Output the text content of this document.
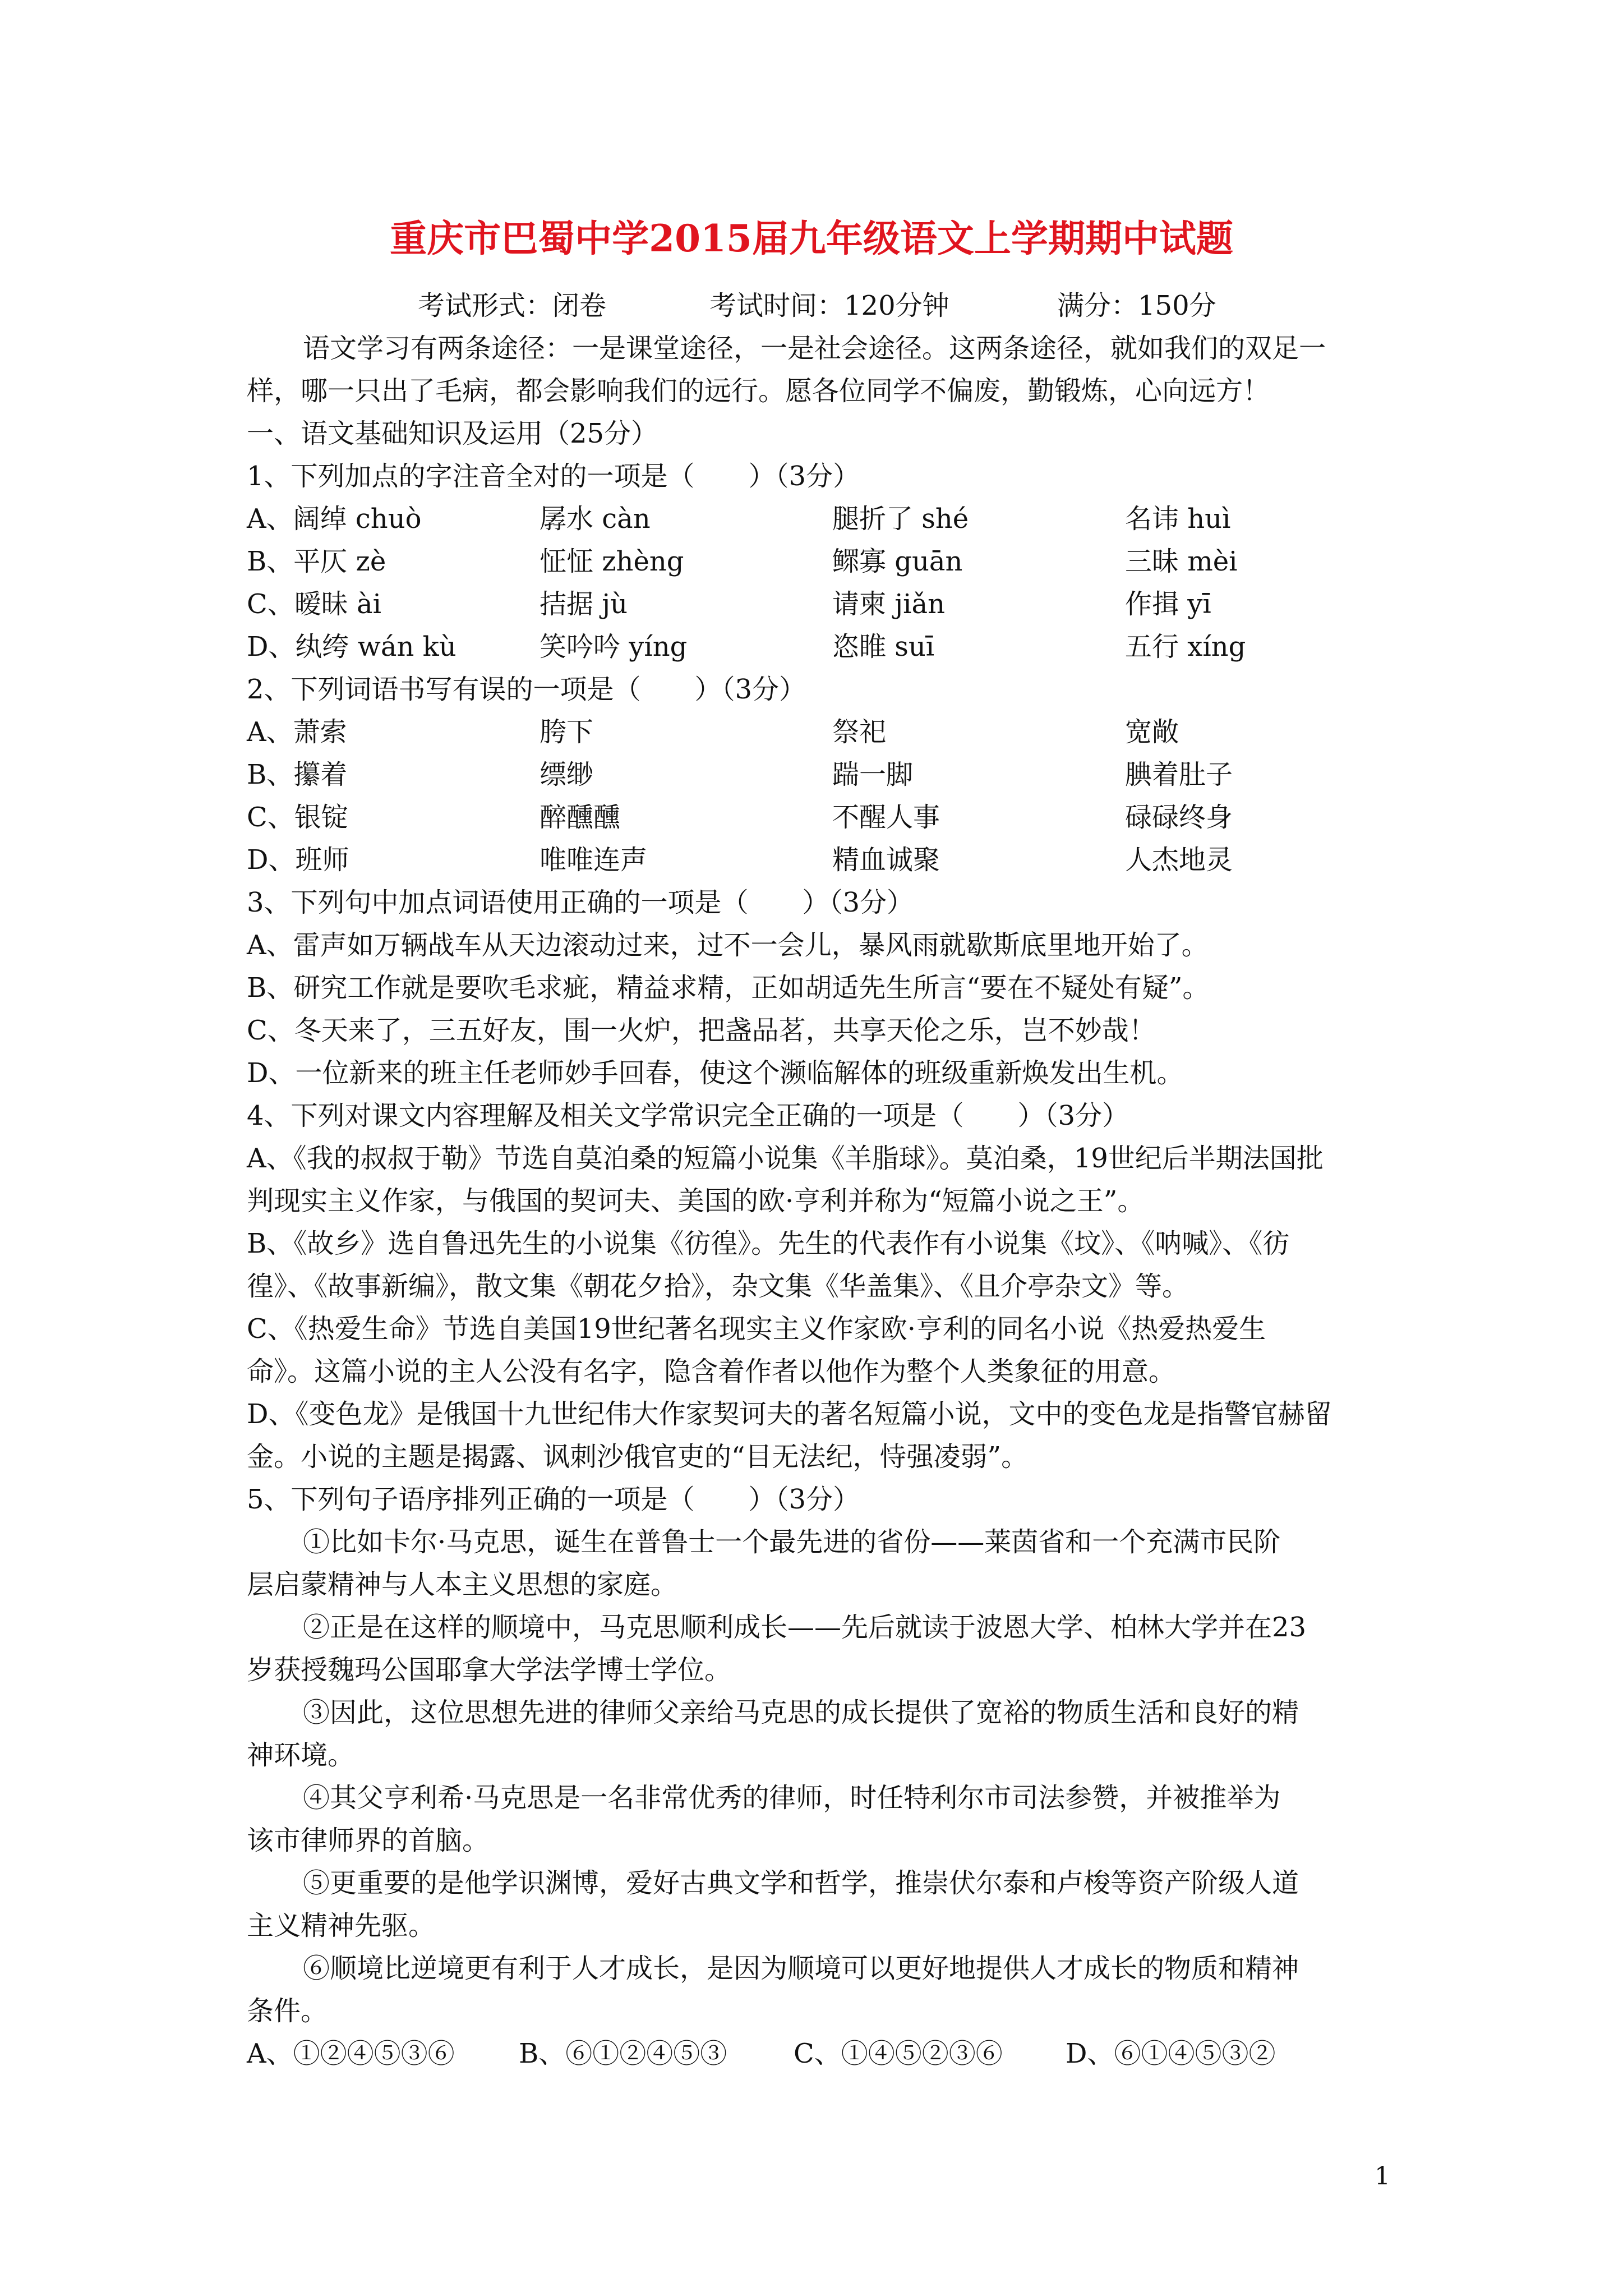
重庆市巴蜀中学2015届九年级语文上学期期中试题
考试形式：闭卷	考试时间：120分钟	满分：150分
语文学习有两条途径：一是课堂途径，一是社会途径。这两条途径，就如我们的双足一
样，哪一只出了毛病，都会影响我们的远行。愿各位同学不偏废，勤锻炼，心向远方！
一、语文基础知识及运用（25分）
1、下列加点的字注音全对的一项是（　　）（3分）
A、阔绰 chuò	孱水 càn	腿折了 shé	名讳 huì
B、平仄 zè	怔怔 zhèng	鳏寡 guān	三昧 mèi
C、暧昧 ài	拮据 jù	请柬 jiǎn	作揖 yī
D、纨绔 wán kù	笑吟吟 yíng	恣睢 suī	五行 xíng
2、下列词语书写有误的一项是（　　）（3分）
A、萧索	胯下	祭祀	宽敞
B、攥着	缥缈	踹一脚	腆着肚子
C、银锭	醉醺醺	不醒人事	碌碌终身
D、班师	唯唯连声	精血诚聚	人杰地灵
3、下列句中加点词语使用正确的一项是（　　）（3分）
A、雷声如万辆战车从天边滚动过来，过不一会儿，暴风雨就歇斯底里地开始了。
B、研究工作就是要吹毛求疵，精益求精，正如胡适先生所言“要在不疑处有疑”。
C、冬天来了，三五好友，围一火炉，把盏品茗，共享天伦之乐，岂不妙哉！
D、一位新来的班主任老师妙手回春，使这个濒临解体的班级重新焕发出生机。
4、下列对课文内容理解及相关文学常识完全正确的一项是（　　）（3分）
A、《我的叔叔于勒》节选自莫泊桑的短篇小说集《羊脂球》。莫泊桑，19世纪后半期法国批
判现实主义作家，与俄国的契诃夫、美国的欧·亨利并称为“短篇小说之王”。
B、《故乡》选自鲁迅先生的小说集《彷徨》。先生的代表作有小说集《坟》、《呐喊》、《彷
徨》、《故事新编》，散文集《朝花夕拾》，杂文集《华盖集》、《且介亭杂文》等。
C、《热爱生命》节选自美国19世纪著名现实主义作家欧·亨利的同名小说《热爱热爱生
命》。这篇小说的主人公没有名字，隐含着作者以他作为整个人类象征的用意。
D、《变色龙》是俄国十九世纪伟大作家契诃夫的著名短篇小说，文中的变色龙是指警官赫留
金。小说的主题是揭露、讽刺沙俄官吏的“目无法纪，恃强凌弱”。
5、下列句子语序排列正确的一项是（　　）（3分）
①比如卡尔·马克思，诞生在普鲁士一个最先进的省份——莱茵省和一个充满市民阶
层启蒙精神与人本主义思想的家庭。
②正是在这样的顺境中，马克思顺利成长——先后就读于波恩大学、柏林大学并在23
岁获授魏玛公国耶拿大学法学博士学位。
③因此，这位思想先进的律师父亲给马克思的成长提供了宽裕的物质生活和良好的精
神环境。
④其父亨利希·马克思是一名非常优秀的律师，时任特利尔市司法参赞，并被推举为
该市律师界的首脑。
⑤更重要的是他学识渊博，爱好古典文学和哲学，推崇伏尔泰和卢梭等资产阶级人道
主义精神先驱。
⑥顺境比逆境更有利于人才成长，是因为顺境可以更好地提供人才成长的物质和精神
条件。
A、①②④⑤③⑥ B、⑥①②④⑤③ C、①④⑤②③⑥ D、⑥①④⑤③②
1
